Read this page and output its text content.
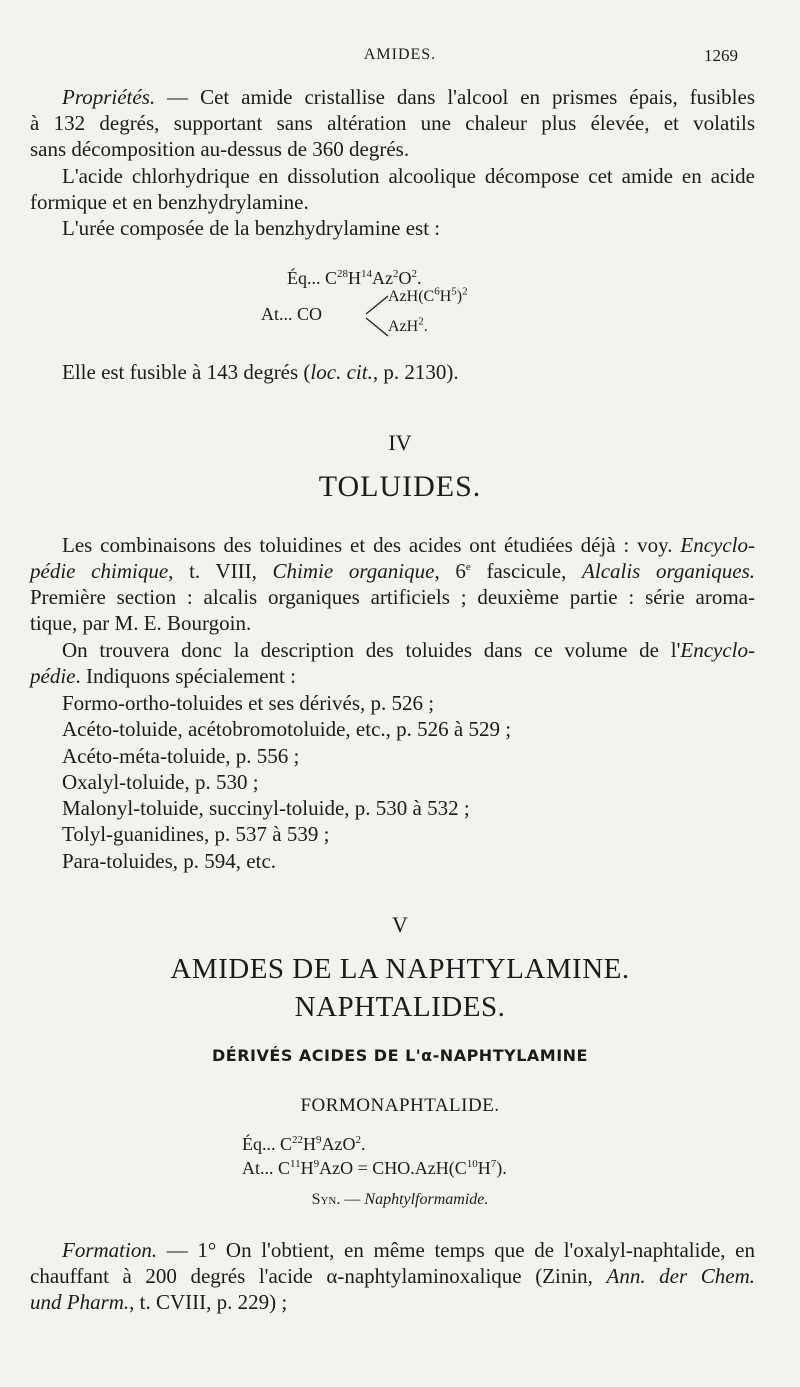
AMIDES.	1269
Propriétés. — Cet amide cristallise dans l'alcool en prismes épais, fusibles
à 132 degrés, supportant sans altération une chaleur plus élevée, et volatils
sans décomposition au-dessus de 360 degrés.
L'acide chlorhydrique en dissolution alcoolique décompose cet amide en acide
formique et en benzhydrylamine.
L'urée composée de la benzhydrylamine est :
Éq... $C^{28}H^{14}Az^2O^2$.
At... CO
$AzH(C^6H^5)^2$
AzH$^2$.
Elle est fusible à 143 degrés (loc. cit., p. 2130).
IV
TOLUIDES.
Les combinaisons des toluidines et des acides ont étudiées déjà : voy. Encyclo-
pédie chimique, t. VIII, Chimie organique, 6e fascicule, Alcalis organiques.
Première section : alcalis organiques artificiels ; deuxième partie : série aroma-
tique, par M. E. Bourgoin.
On trouvera donc la description des toluides dans ce volume de l'Encyclo-
pédie. Indiquons spécialement :
Formo-ortho-toluides et ses dérivés, p. 526 ;
Acéto-toluide, acétobromotoluide, etc., p. 526 à 529 ;
Acéto-méta-toluide, p. 556 ;
Oxalyl-toluide, p. 530 ;
Malonyl-toluide, succinyl-toluide, p. 530 à 532 ;
Tolyl-guanidines, p. 537 à 539 ;
Para-toluides, p. 594, etc.
V
AMIDES DE LA NAPHTYLAMINE.
NAPHTALIDES.
DÉRIVÉS ACIDES DE L'α-NAPHTYLAMINE
FORMONAPHTALIDE.
Éq... $C^{22}H^9AzO^2$.
At... $C^{11}H^9AzO = CHO.AzH(C^{10}H^7)$.
Syn. — Naphtylformamide.
Formation. — 1° On l'obtient, en même temps que de l'oxalyl-naphtalide, en
chauffant à 200 degrés l'acide α-naphtylaminoxalique (Zinin, Ann. der Chem.
und Pharm., t. CVIII, p. 229) ;
